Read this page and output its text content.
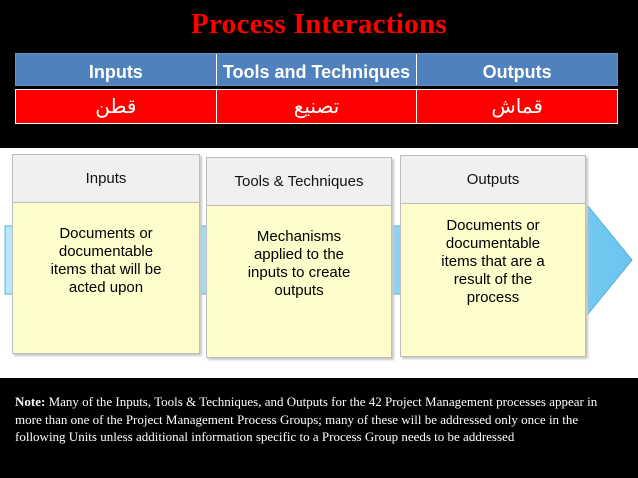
Process Interactions
Inputs	Tools and Techniques	Outputs
قطن	تصنيع	قماش
Inputs
Documents or
documentable
items that will be
acted upon
Tools & Techniques
Mechanisms
applied to the
inputs to create
outputs
Outputs
Documents or
documentable
items that are a
result of the
process
Note: Many of the Inputs, Tools & Techniques, and Outputs for the 42 Project Management processes appear in more than one of the Project Management Process Groups; many of these will be addressed only once in the following Units unless additional information specific to a Process Group needs to be addressed
